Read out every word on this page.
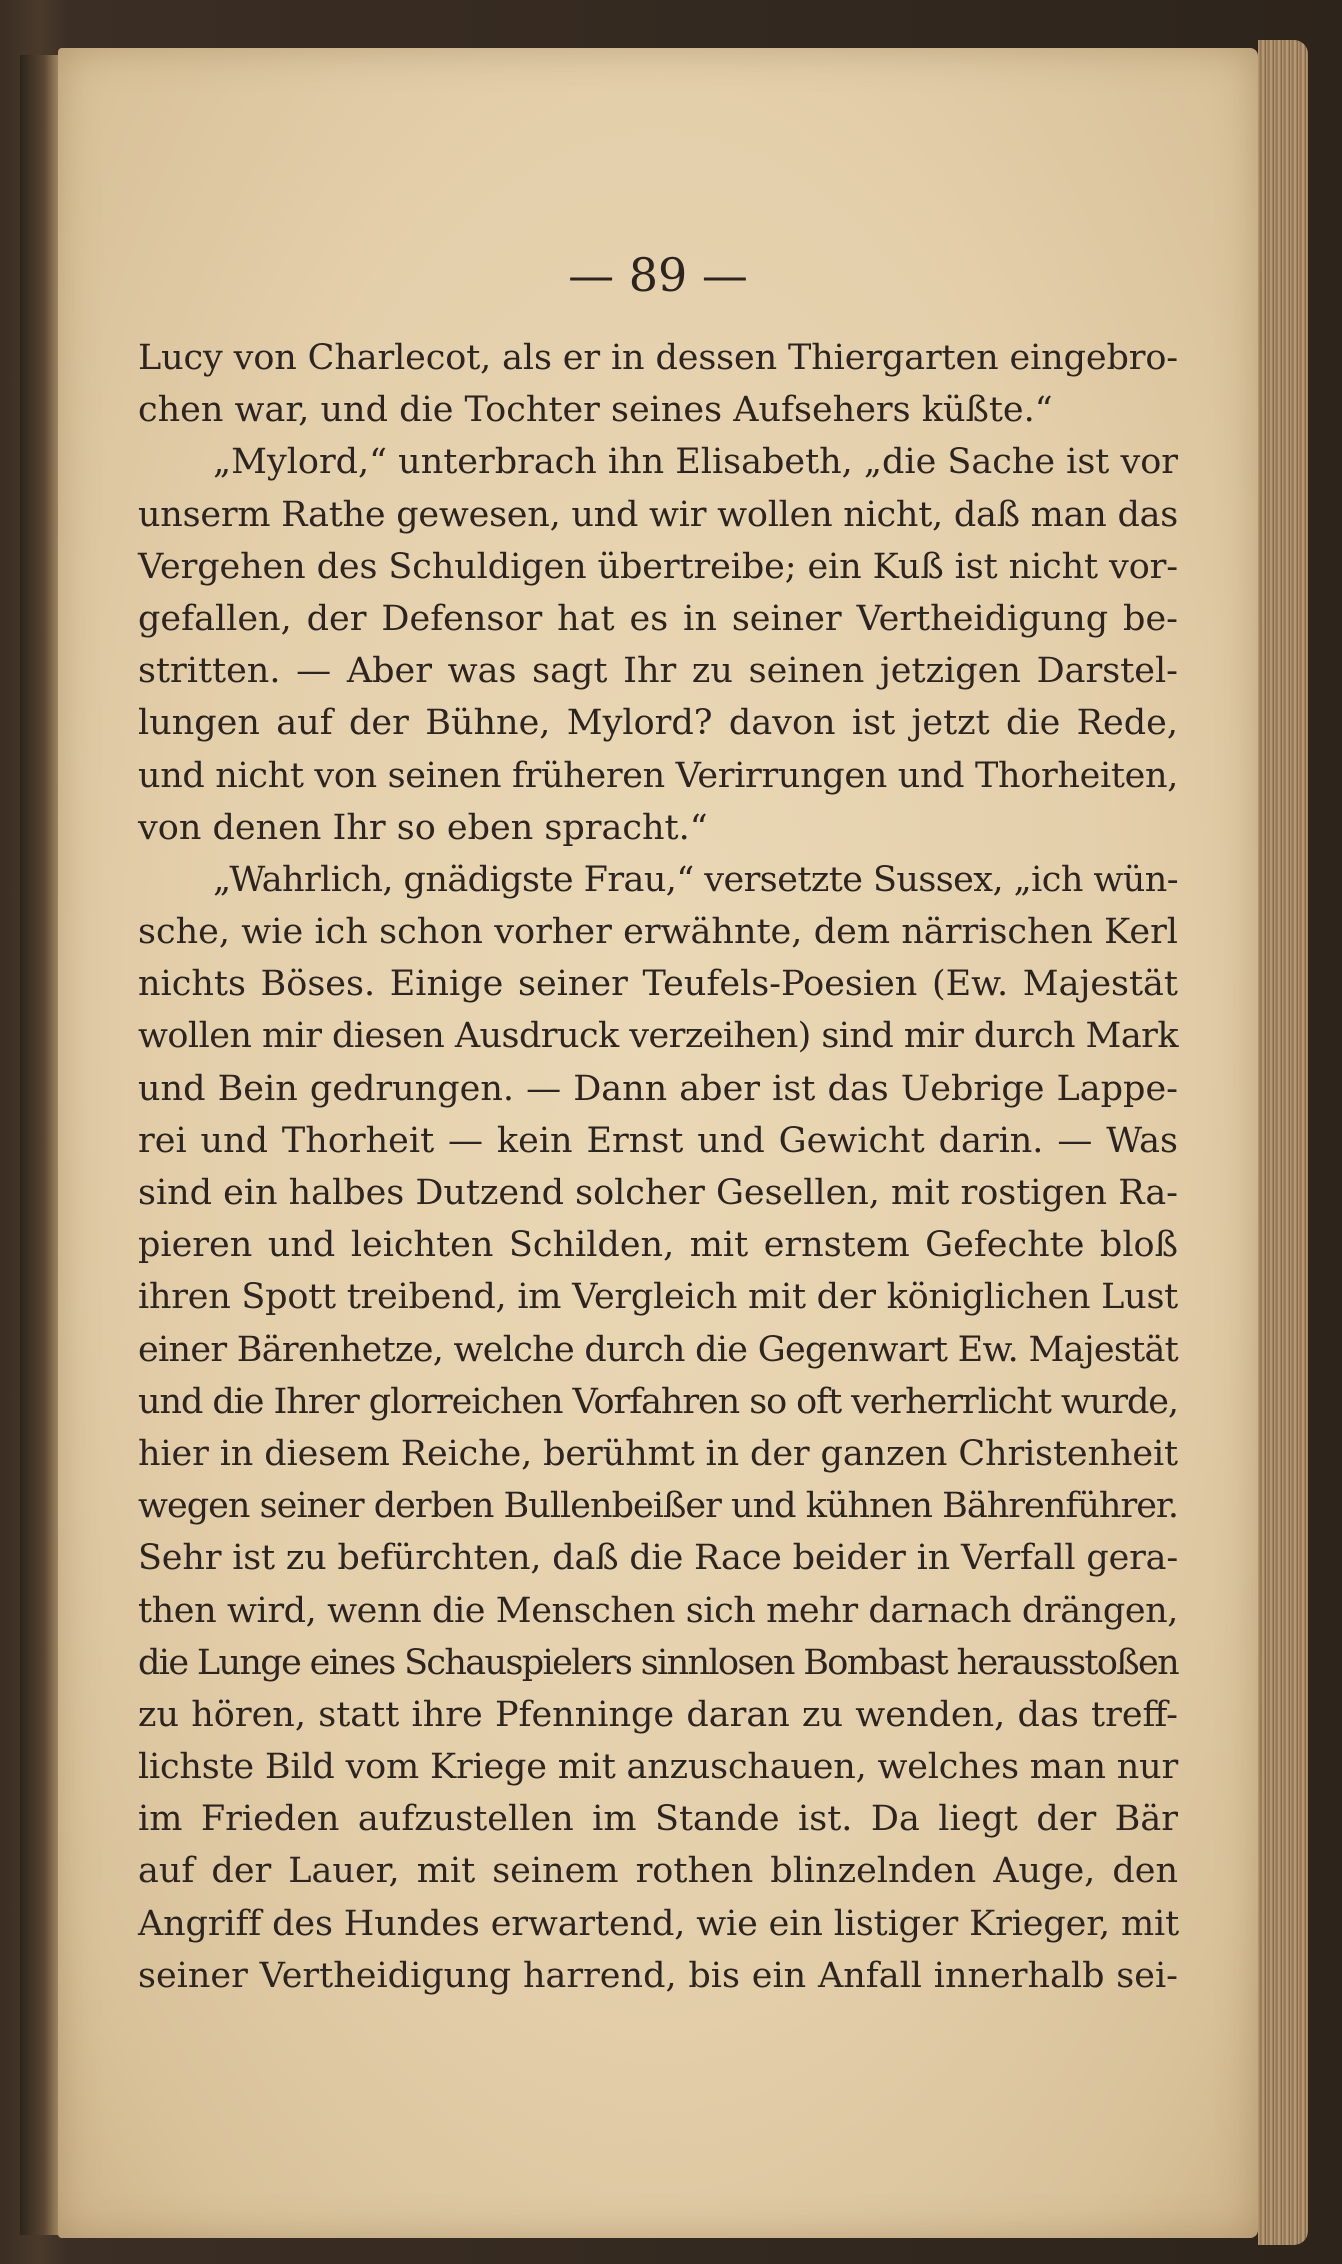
— 89 —
Lucy von Charlecot, als er in dessen Thiergarten eingebro-
chen war, und die Tochter seines Aufsehers küßte.“
„Mylord,“ unterbrach ihn Elisabeth, „die Sache ist vor
unserm Rathe gewesen, und wir wollen nicht, daß man das
Vergehen des Schuldigen übertreibe; ein Kuß ist nicht vor-
gefallen, der Defensor hat es in seiner Vertheidigung be-
stritten. — Aber was sagt Ihr zu seinen jetzigen Darstel-
lungen auf der Bühne, Mylord? davon ist jetzt die Rede,
und nicht von seinen früheren Verirrungen und Thorheiten,
von denen Ihr so eben spracht.“
„Wahrlich, gnädigste Frau,“ versetzte Sussex, „ich wün-
sche, wie ich schon vorher erwähnte, dem närrischen Kerl
nichts Böses. Einige seiner Teufels-Poesien (Ew. Majestät
wollen mir diesen Ausdruck verzeihen) sind mir durch Mark
und Bein gedrungen. — Dann aber ist das Uebrige Lappe-
rei und Thorheit — kein Ernst und Gewicht darin. — Was
sind ein halbes Dutzend solcher Gesellen, mit rostigen Ra-
pieren und leichten Schilden, mit ernstem Gefechte bloß
ihren Spott treibend, im Vergleich mit der königlichen Lust
einer Bärenhetze, welche durch die Gegenwart Ew. Majestät
und die Ihrer glorreichen Vorfahren so oft verherrlicht wurde,
hier in diesem Reiche, berühmt in der ganzen Christenheit
wegen seiner derben Bullenbeißer und kühnen Bährenführer.
Sehr ist zu befürchten, daß die Race beider in Verfall gera-
then wird, wenn die Menschen sich mehr darnach drängen,
die Lunge eines Schauspielers sinnlosen Bombast herausstoßen
zu hören, statt ihre Pfenninge daran zu wenden, das treff-
lichste Bild vom Kriege mit anzuschauen, welches man nur
im Frieden aufzustellen im Stande ist. Da liegt der Bär
auf der Lauer, mit seinem rothen blinzelnden Auge, den
Angriff des Hundes erwartend, wie ein listiger Krieger, mit
seiner Vertheidigung harrend, bis ein Anfall innerhalb sei-
